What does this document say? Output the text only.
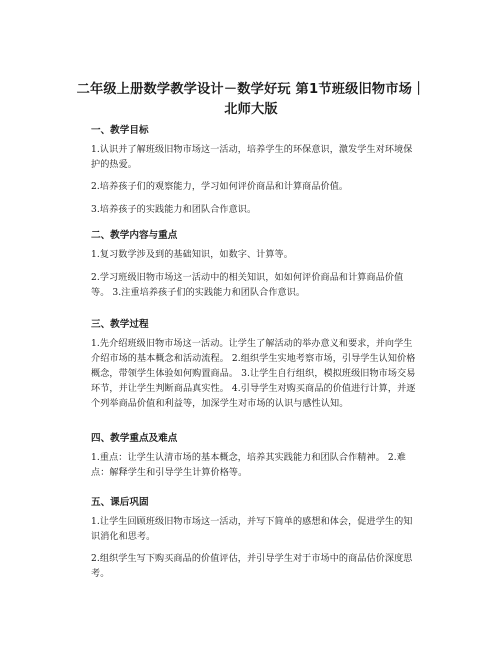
二年级上册数学教学设计－数学好玩 第1节班级旧物市场｜
北师大版
一、教学目标

1.认识并了解班级旧物市场这一活动，培养学生的环保意识，激发学生对环境保护的热爱。

2.培养孩子们的观察能力，学习如何评价商品和计算商品价值。

3.培养孩子的实践能力和团队合作意识。

二、教学内容与重点

1.复习数学涉及到的基础知识，如数字、计算等。

2.学习班级旧物市场这一活动中的相关知识，如如何评价商品和计算商品价值等。 3.注重培养孩子们的实践能力和团队合作意识。

三、教学过程

1.先介绍班级旧物市场这一活动。让学生了解活动的举办意义和要求，并向学生介绍市场的基本概念和活动流程。 2.组织学生实地考察市场，引导学生认知价格概念，带领学生体验如何购置商品。 3.让学生自行组织，模拟班级旧物市场交易环节，并让学生判断商品真实性。 4.引导学生对购买商品的价值进行计算，并逐个列举商品价值和利益等，加深学生对市场的认识与感性认知。

四、教学重点及难点

1.重点：让学生认清市场的基本概念，培养其实践能力和团队合作精神。 2.难点：解释学生和引导学生计算价格等。

五、课后巩固

1.让学生回顾班级旧物市场这一活动，并写下简单的感想和体会，促进学生的知识消化和思考。

2.组织学生写下购买商品的价值评估，并引导学生对于市场中的商品估价深度思考。
